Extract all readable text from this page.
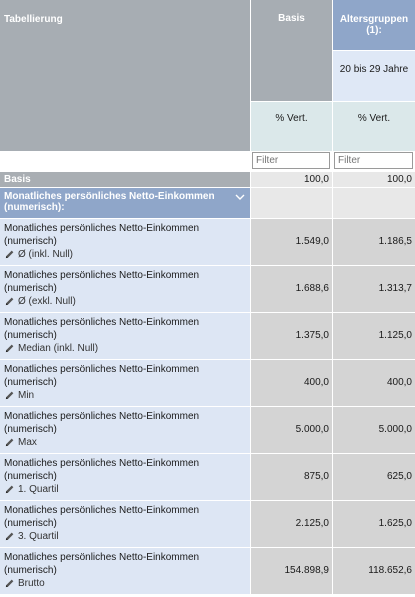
Tabellierung	Basis	Altersgruppen (1):
20 bis 29 Jahre
% Vert.	% Vert.
Filter
Filter
Basis	100,0	100,0
Monatliches persönliches Netto-Einkommen (numerisch):
Monatliches persönliches Netto-Einkommen (numerisch)
Ø (inkl. Null)
1.549,0	1.186,5
Monatliches persönliches Netto-Einkommen (numerisch)
Ø (exkl. Null)
1.688,6	1.313,7
Monatliches persönliches Netto-Einkommen (numerisch)
Median (inkl. Null)
1.375,0	1.125,0
Monatliches persönliches Netto-Einkommen (numerisch)
Min
400,0	400,0
Monatliches persönliches Netto-Einkommen (numerisch)
Max
5.000,0	5.000,0
Monatliches persönliches Netto-Einkommen (numerisch)
1. Quartil
875,0	625,0
Monatliches persönliches Netto-Einkommen (numerisch)
3. Quartil
2.125,0	1.625,0
Monatliches persönliches Netto-Einkommen (numerisch)
Brutto
154.898,9	118.652,6
